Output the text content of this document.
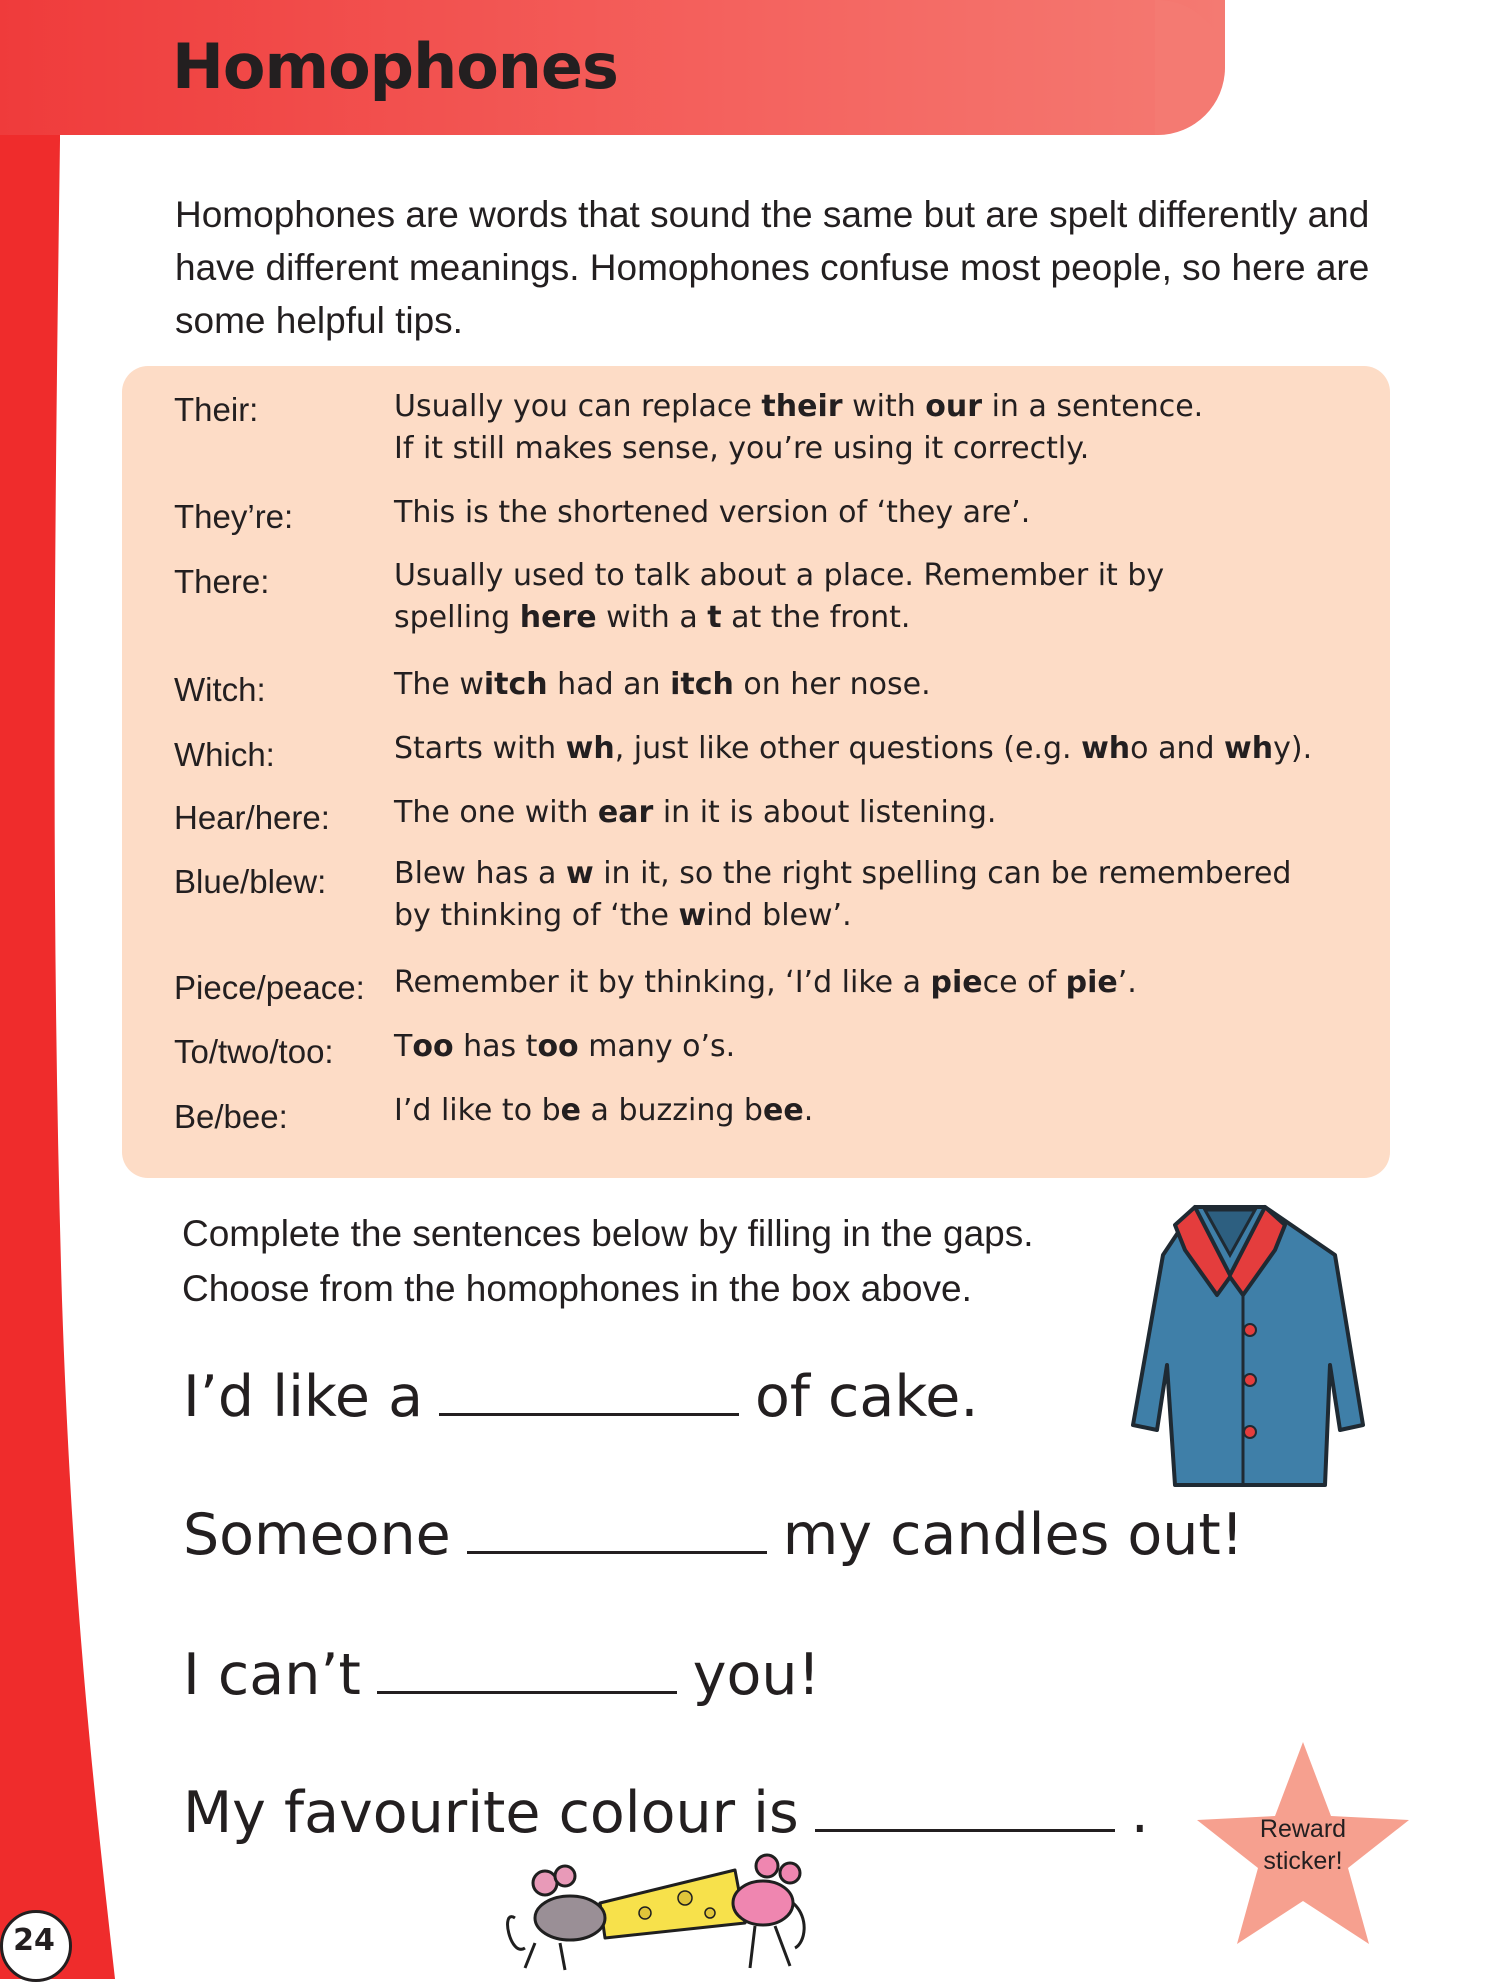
Homophones

Homophones are words that sound the same but are spelt differently and have different meanings. Homophones confuse most people, so here are some helpful tips.

Their:	Usually you can replace their with our in a sentence.
If it still makes sense, you’re using it correctly.

They’re:	This is the shortened version of ‘they are’.

There:	Usually used to talk about a place. Remember it by
spelling here with a t at the front.

Witch:	The witch had an itch on her nose.

Which:	Starts with wh, just like other questions (e.g. who and why).

Hear/here: The one with ear in it is about listening.

Blue/blew: Blew has a w in it, so the right spelling can be remembered
by thinking of ‘the wind blew’.

Piece/peace: Remember it by thinking, ‘I’d like a piece of pie’.

To/two/too: Too has too many o’s.

Be/bee:	I’d like to be a buzzing bee.

Complete the sentences below by filling in the gaps.
Choose from the homophones in the box above.

I’d like a	of cake.
Someone	my candles out!
I can’t	you!
My favourite colour is	.	Reward
sticker!
24
